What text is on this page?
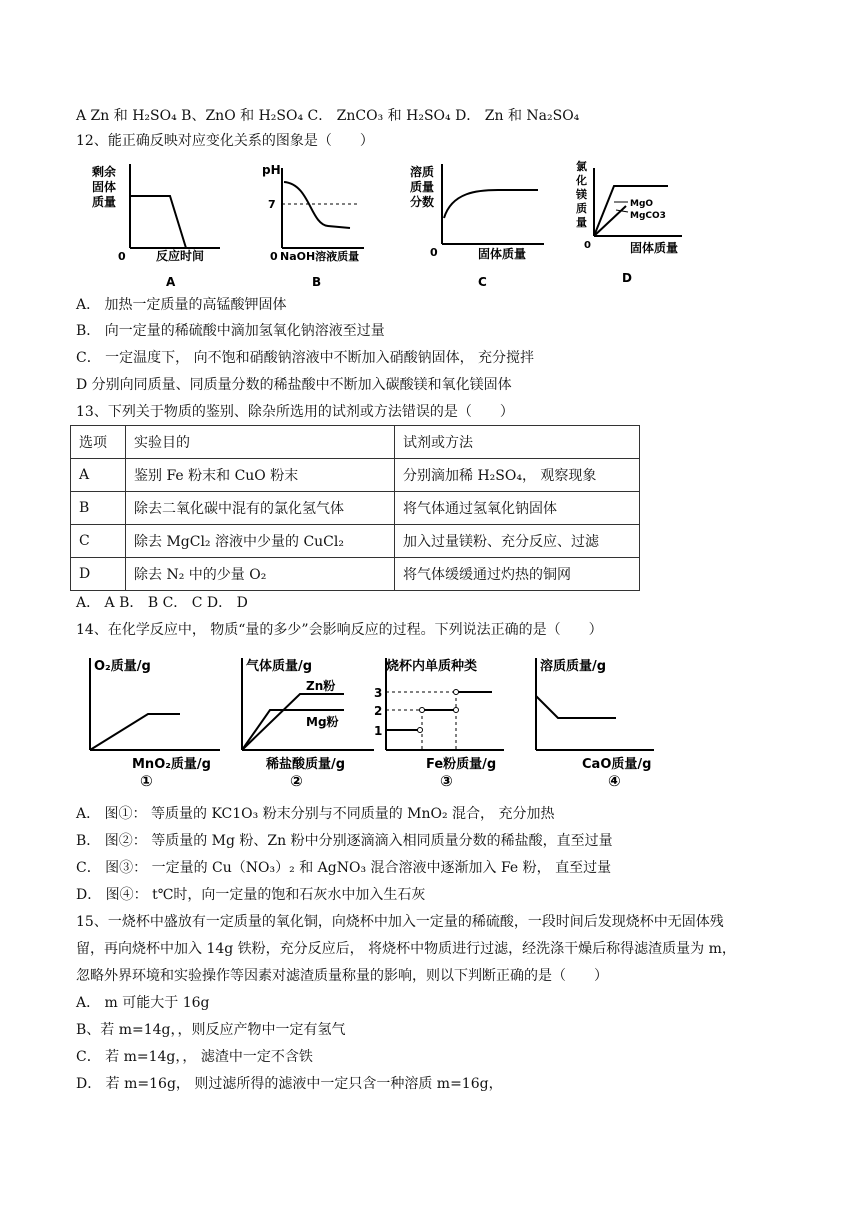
A Zn 和 H₂SO₄ B、ZnO 和 H₂SO₄ C． ZnCO₃ 和 H₂SO₄ D． Zn 和 Na₂SO₄
12、能正确反映对应变化关系的图象是（　　）
剩余
固体
质量
0	反应时间
A
pH
7
0 NaOH溶液质量
B
溶质
质量
分数
0	固体质量
C
氯
化
镁
质
量
0
MgO
MgCO3
固体质量
D
A． 加热一定质量的高锰酸钾固体
B． 向一定量的稀硫酸中滴加氢氧化钠溶液至过量
C． 一定温度下， 向不饱和硝酸钠溶液中不断加入硝酸钠固体， 充分搅拌
D 分别向同质量、同质量分数的稀盐酸中不断加入碳酸镁和氧化镁固体
13、下列关于物质的鉴别、除杂所选用的试剂或方法错误的是（　　）
选项	实验目的	试剂或方法
A	鉴别 Fe 粉末和 CuO 粉末	分别滴加稀 H₂SO₄， 观察现象
B	除去二氧化碳中混有的氯化氢气体	将气体通过氢氧化钠固体
C	除去 MgCl₂ 溶液中少量的 CuCl₂	加入过量镁粉、充分反应、过滤
D	除去 N₂ 中的少量 O₂	将气体缓缓通过灼热的铜网
A． A B． B C． C D． D
14、在化学反应中， 物质“量的多少”会影响反应的过程。下列说法正确的是（　　）
O₂质量/g
MnO₂质量/g
①
气体质量/g
Zn粉
Mg粉
稀盐酸质量/g
②
烧杯内单质种类
3
2
1
Fe粉质量/g
③
溶质质量/g
CaO质量/g
④
A． 图①： 等质量的 KC1O₃ 粉末分别与不同质量的 MnO₂ 混合， 充分加热
B． 图②： 等质量的 Mg 粉、Zn 粉中分别逐滴滴入相同质量分数的稀盐酸，直至过量
C． 图③： 一定量的 Cu（NO₃）₂ 和 AgNO₃ 混合溶液中逐渐加入 Fe 粉， 直至过量
D． 图④： t℃时，向一定量的饱和石灰水中加入生石灰
15、一烧杯中盛放有一定质量的氧化铜，向烧杯中加入一定量的稀硫酸，一段时间后发现烧杯中无固体残
留，再向烧杯中加入 14g 铁粉，充分反应后， 将烧杯中物质进行过滤，经洗涤干燥后称得滤渣质量为 m，
忽略外界环境和实验操作等因素对滤渣质量称量的影响，则以下判断正确的是（　　）
A． m 可能大于 16g
B、若 m=14g，，则反应产物中一定有氢气
C． 若 m=14g，， 滤渣中一定不含铁
D． 若 m=16g， 则过滤所得的滤液中一定只含一种溶质 m=16g，
